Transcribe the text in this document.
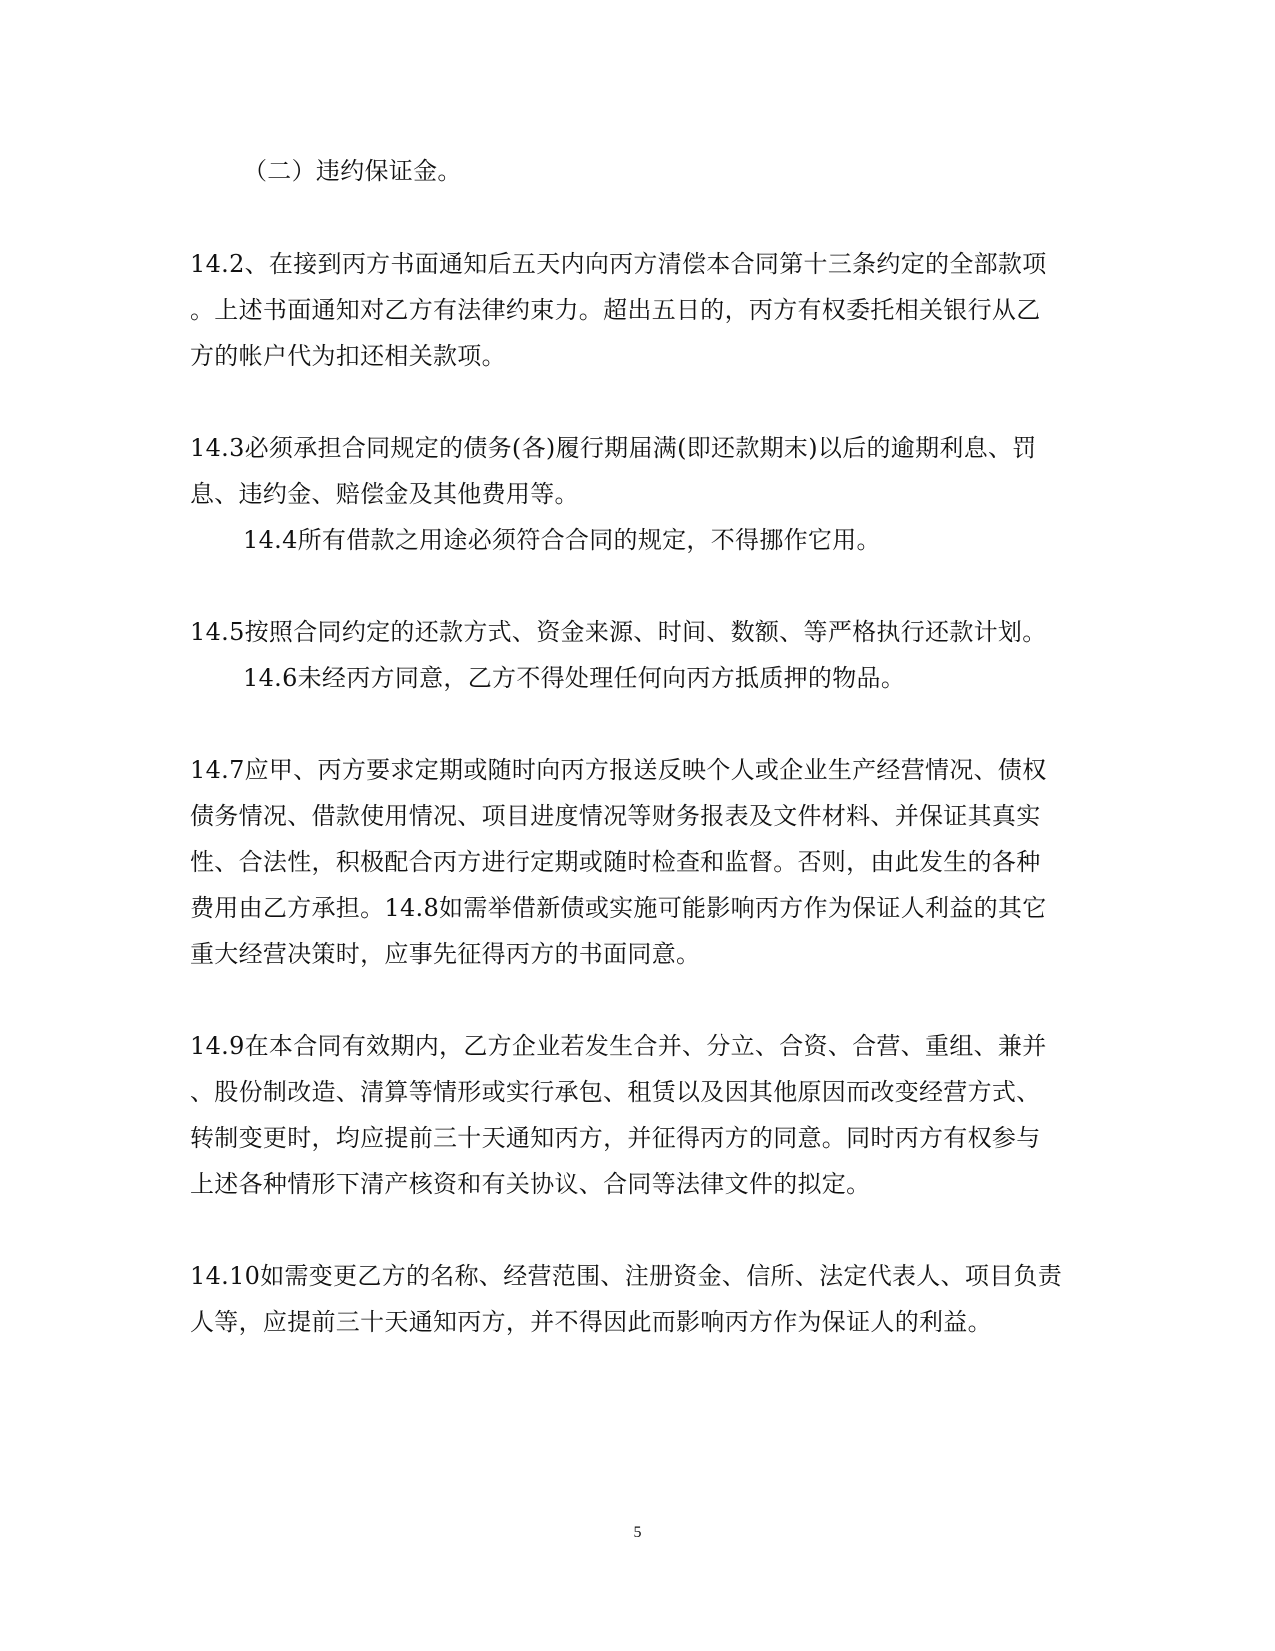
（二）违约保证金。
14.2、在接到丙方书面通知后五天内向丙方清偿本合同第十三条约定的全部款项
。上述书面通知对乙方有法律约束力。超出五日的，丙方有权委托相关银行从乙
方的帐户代为扣还相关款项。
14.3必须承担合同规定的债务(各)履行期届满(即还款期末)以后的逾期利息、罚
息、违约金、赔偿金及其他费用等。
14.4所有借款之用途必须符合合同的规定，不得挪作它用。
14.5按照合同约定的还款方式、资金来源、时间、数额、等严格执行还款计划。
14.6未经丙方同意，乙方不得处理任何向丙方抵质押的物品。
14.7应甲、丙方要求定期或随时向丙方报送反映个人或企业生产经营情况、债权
债务情况、借款使用情况、项目进度情况等财务报表及文件材料、并保证其真实
性、合法性，积极配合丙方进行定期或随时检查和监督。否则，由此发生的各种
费用由乙方承担。14.8如需举借新债或实施可能影响丙方作为保证人利益的其它
重大经营决策时，应事先征得丙方的书面同意。
14.9在本合同有效期内，乙方企业若发生合并、分立、合资、合营、重组、兼并
、股份制改造、清算等情形或实行承包、租赁以及因其他原因而改变经营方式、
转制变更时，均应提前三十天通知丙方，并征得丙方的同意。同时丙方有权参与
上述各种情形下清产核资和有关协议、合同等法律文件的拟定。
14.10如需变更乙方的名称、经营范围、注册资金、信所、法定代表人、项目负责
人等，应提前三十天通知丙方，并不得因此而影响丙方作为保证人的利益。
5
